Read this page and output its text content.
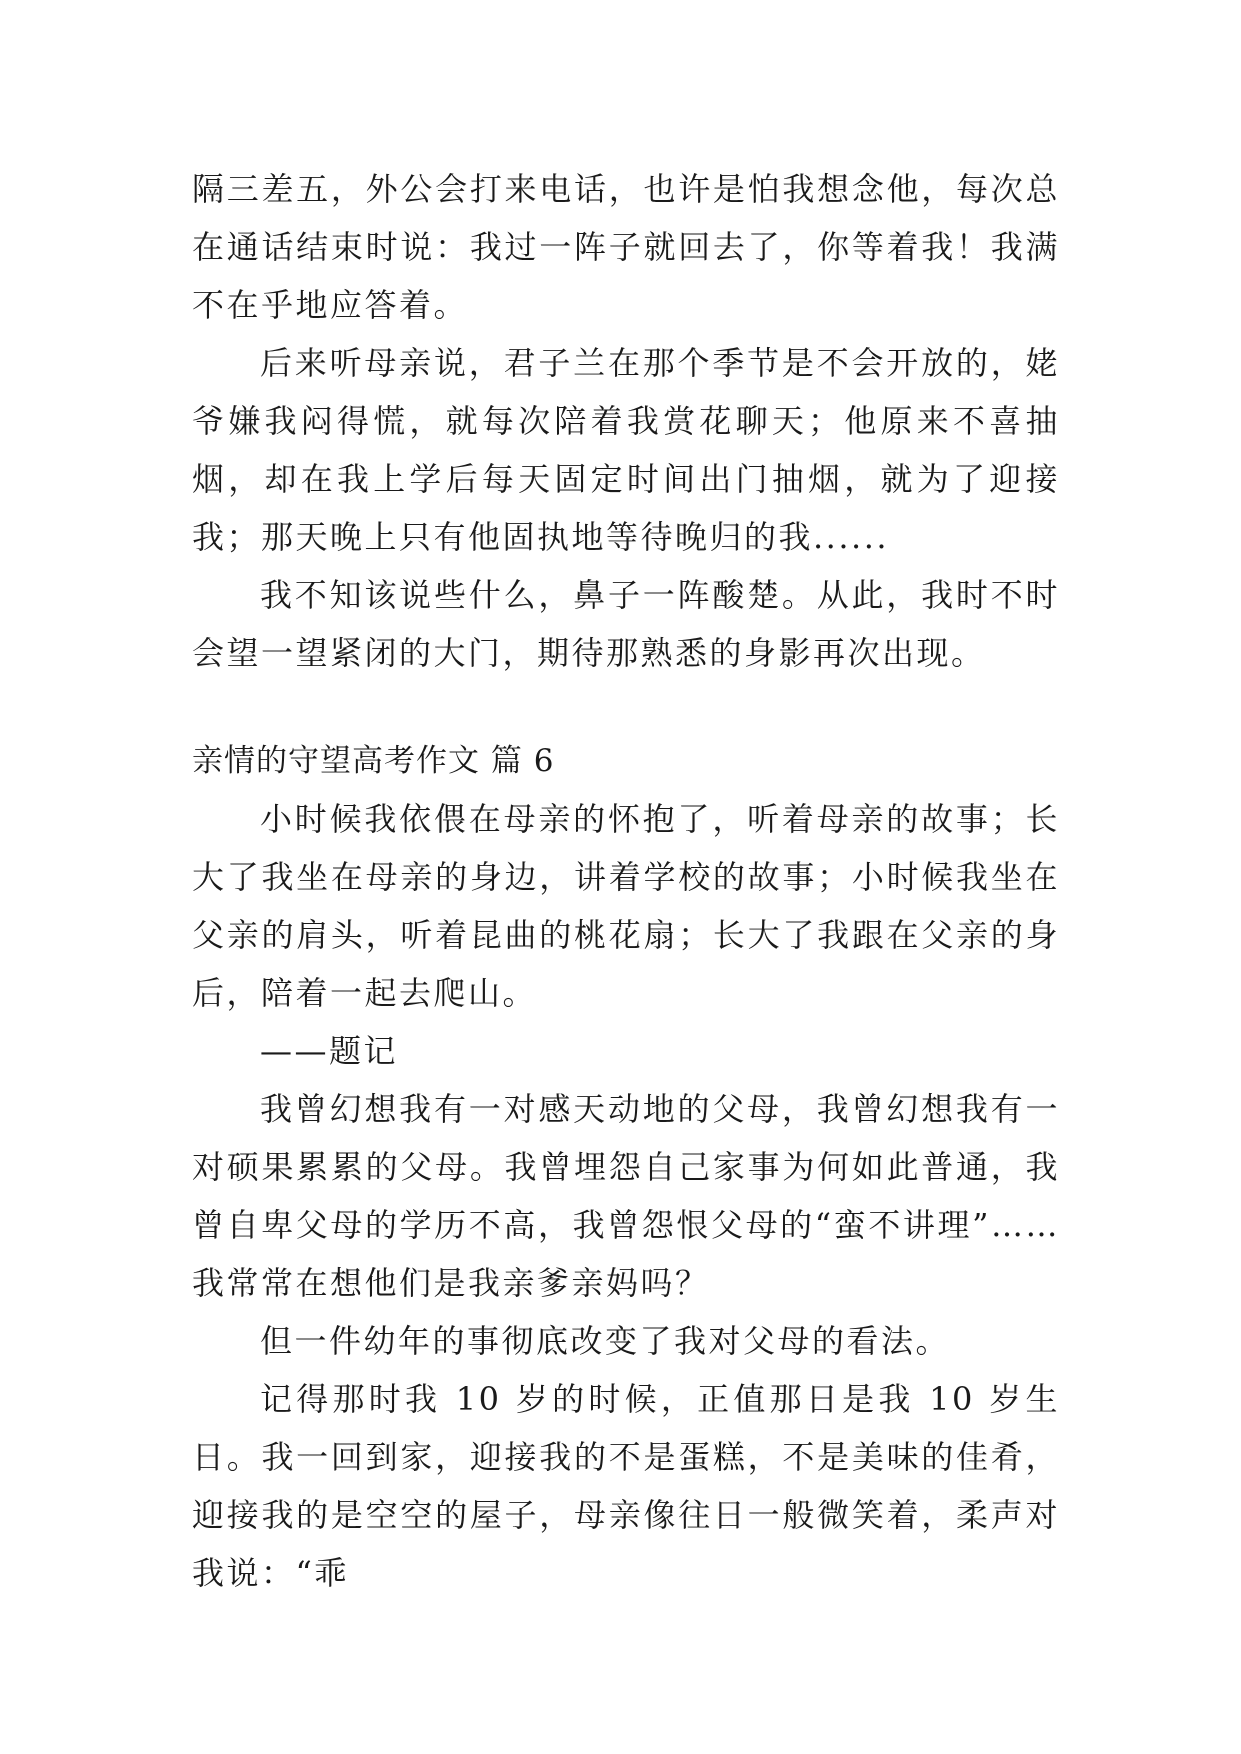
隔三差五，外公会打来电话，也许是怕我想念他，每次总在通话结束时说：我过一阵子就回去了，你等着我！我满不在乎地应答着。

后来听母亲说，君子兰在那个季节是不会开放的，姥爷嫌我闷得慌，就每次陪着我赏花聊天；他原来不喜抽烟，却在我上学后每天固定时间出门抽烟，就为了迎接我；那天晚上只有他固执地等待晚归的我......

我不知该说些什么，鼻子一阵酸楚。从此，我时不时会望一望紧闭的大门，期待那熟悉的身影再次出现。

亲情的守望高考作文 篇 6

小时候我依偎在母亲的怀抱了，听着母亲的故事；长大了我坐在母亲的身边，讲着学校的故事；小时候我坐在父亲的肩头，听着昆曲的桃花扇；长大了我跟在父亲的身后，陪着一起去爬山。

——题记

我曾幻想我有一对感天动地的父母，我曾幻想我有一对硕果累累的父母。我曾埋怨自己家事为何如此普通，我曾自卑父母的学历不高，我曾怨恨父母的“蛮不讲理”……我常常在想他们是我亲爹亲妈吗？

但一件幼年的事彻底改变了我对父母的看法。

记得那时我 10 岁的时候，正值那日是我 10 岁生日。我一回到家，迎接我的不是蛋糕，不是美味的佳肴，迎接我的是空空的屋子，母亲像往日一般微笑着，柔声对我说：“乖
